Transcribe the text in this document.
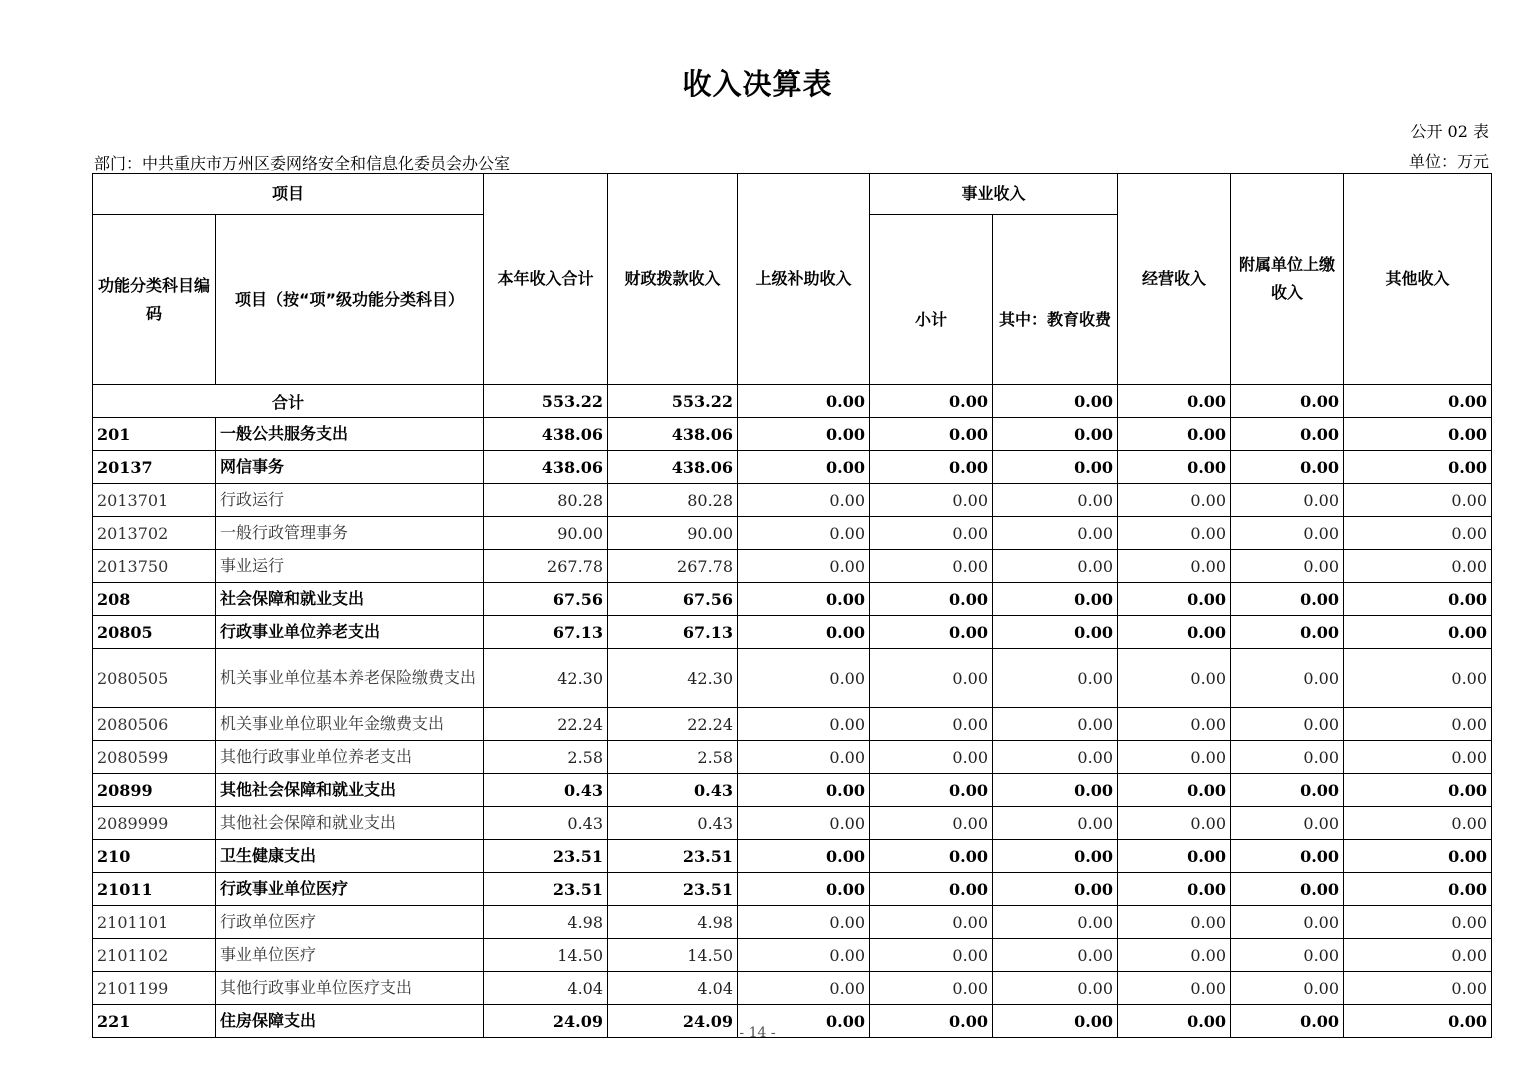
收入决算表
公开 02 表
部门：中共重庆市万州区委网络安全和信息化委员会办公室	单位：万元
项目		本年收入合计	财政拨款收入	上级补助收入	事业收入		经营收入	附属单位上缴收入	其他收入
功能分类科目编码	项目（按“项”级功能分类科目）				小计	其中：教育收费			
合计		553.22	553.22	0.00	0.00	0.00	0.00	0.00	0.00
201	一般公共服务支出	438.06	438.06	0.00	0.00	0.00	0.00	0.00	0.00
20137	网信事务	438.06	438.06	0.00	0.00	0.00	0.00	0.00	0.00
2013701	行政运行	80.28	80.28	0.00	0.00	0.00	0.00	0.00	0.00
2013702	一般行政管理事务	90.00	90.00	0.00	0.00	0.00	0.00	0.00	0.00
2013750	事业运行	267.78	267.78	0.00	0.00	0.00	0.00	0.00	0.00
208	社会保障和就业支出	67.56	67.56	0.00	0.00	0.00	0.00	0.00	0.00
20805	行政事业单位养老支出	67.13	67.13	0.00	0.00	0.00	0.00	0.00	0.00
2080505	机关事业单位基本养老保险缴费支出	42.30	42.30	0.00	0.00	0.00	0.00	0.00	0.00
2080506	机关事业单位职业年金缴费支出	22.24	22.24	0.00	0.00	0.00	0.00	0.00	0.00
2080599	其他行政事业单位养老支出	2.58	2.58	0.00	0.00	0.00	0.00	0.00	0.00
20899	其他社会保障和就业支出	0.43	0.43	0.00	0.00	0.00	0.00	0.00	0.00
2089999	其他社会保障和就业支出	0.43	0.43	0.00	0.00	0.00	0.00	0.00	0.00
210	卫生健康支出	23.51	23.51	0.00	0.00	0.00	0.00	0.00	0.00
21011	行政事业单位医疗	23.51	23.51	0.00	0.00	0.00	0.00	0.00	0.00
2101101	行政单位医疗	4.98	4.98	0.00	0.00	0.00	0.00	0.00	0.00
2101102	事业单位医疗	14.50	14.50	0.00	0.00	0.00	0.00	0.00	0.00
2101199	其他行政事业单位医疗支出	4.04	4.04	0.00	0.00	0.00	0.00	0.00	0.00
221	住房保障支出	24.09	24.09	0.00	0.00	0.00	0.00	0.00	0.00
- 14 -
